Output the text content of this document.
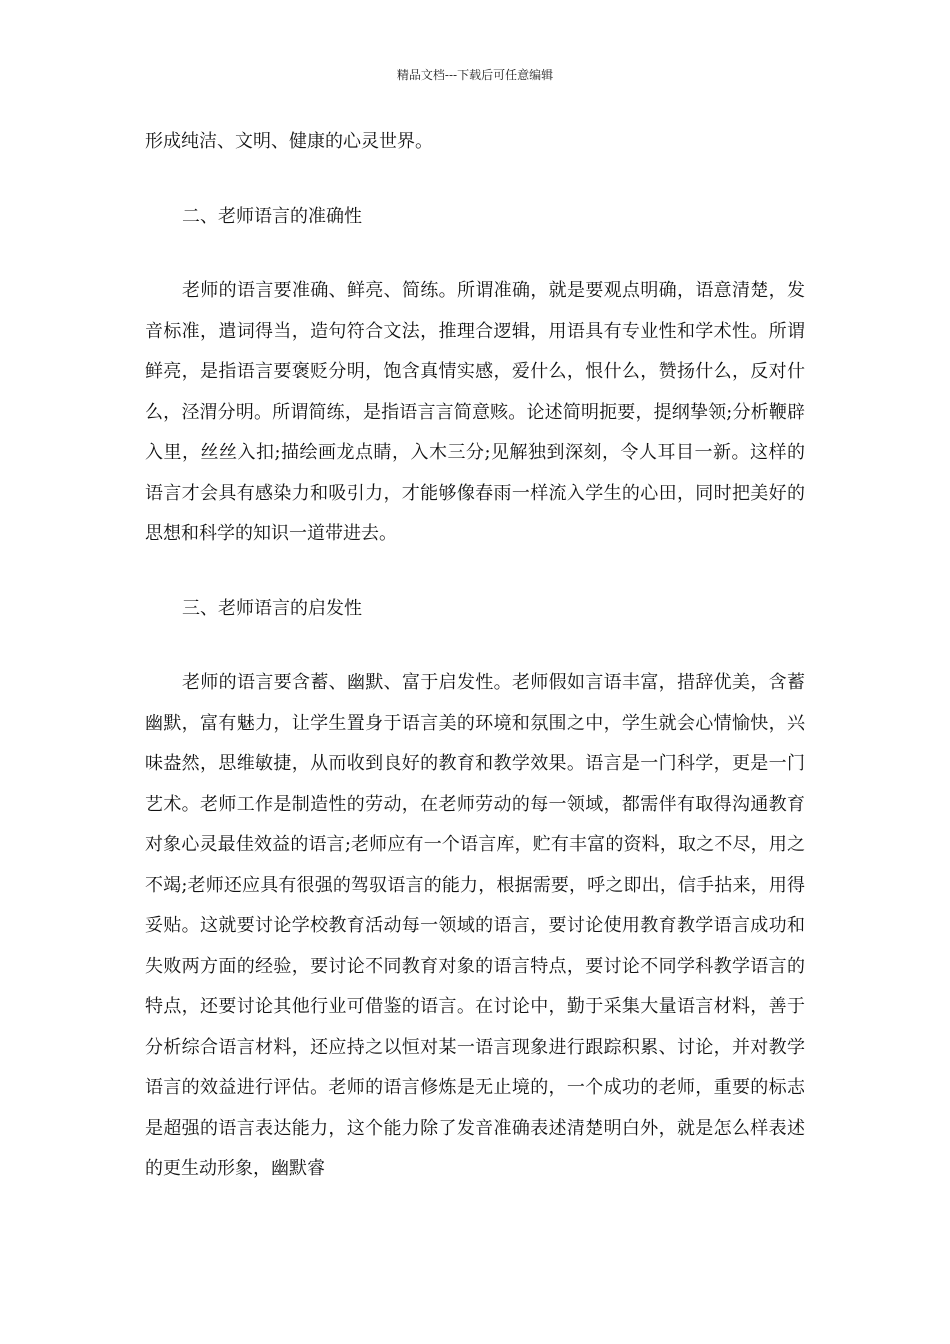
精品文档---下载后可任意编辑

形成纯洁、文明、健康的心灵世界。

二、老师语言的准确性

老师的语言要准确、鲜亮、简练。所谓准确，就是要观点明确，语意清楚，发音标准，遣词得当，造句符合文法，推理合逻辑，用语具有专业性和学术性。所谓鲜亮，是指语言要褒贬分明，饱含真情实感，爱什么，恨什么，赞扬什么，反对什么，泾渭分明。所谓简练，是指语言言简意赅。论述简明扼要，提纲挚领;分析鞭辟入里，丝丝入扣;描绘画龙点睛，入木三分;见解独到深刻，令人耳目一新。这样的语言才会具有感染力和吸引力，才能够像春雨一样流入学生的心田，同时把美好的思想和科学的知识一道带进去。

三、老师语言的启发性

老师的语言要含蓄、幽默、富于启发性。老师假如言语丰富，措辞优美，含蓄幽默，富有魅力，让学生置身于语言美的环境和氛围之中，学生就会心情愉快，兴味盎然，思维敏捷，从而收到良好的教育和教学效果。语言是一门科学，更是一门艺术。老师工作是制造性的劳动，在老师劳动的每一领域，都需伴有取得沟通教育对象心灵最佳效益的语言;老师应有一个语言库，贮有丰富的资料，取之不尽，用之不竭;老师还应具有很强的驾驭语言的能力，根据需要，呼之即出，信手拈来，用得妥贴。这就要讨论学校教育活动每一领域的语言，要讨论使用教育教学语言成功和失败两方面的经验，要讨论不同教育对象的语言特点，要讨论不同学科教学语言的特点，还要讨论其他行业可借鉴的语言。在讨论中，勤于采集大量语言材料，善于分析综合语言材料，还应持之以恒对某一语言现象进行跟踪积累、讨论，并对教学语言的效益进行评估。老师的语言修炼是无止境的，一个成功的老师，重要的标志是超强的语言表达能力，这个能力除了发音准确表述清楚明白外，就是怎么样表述的更生动形象，幽默睿
